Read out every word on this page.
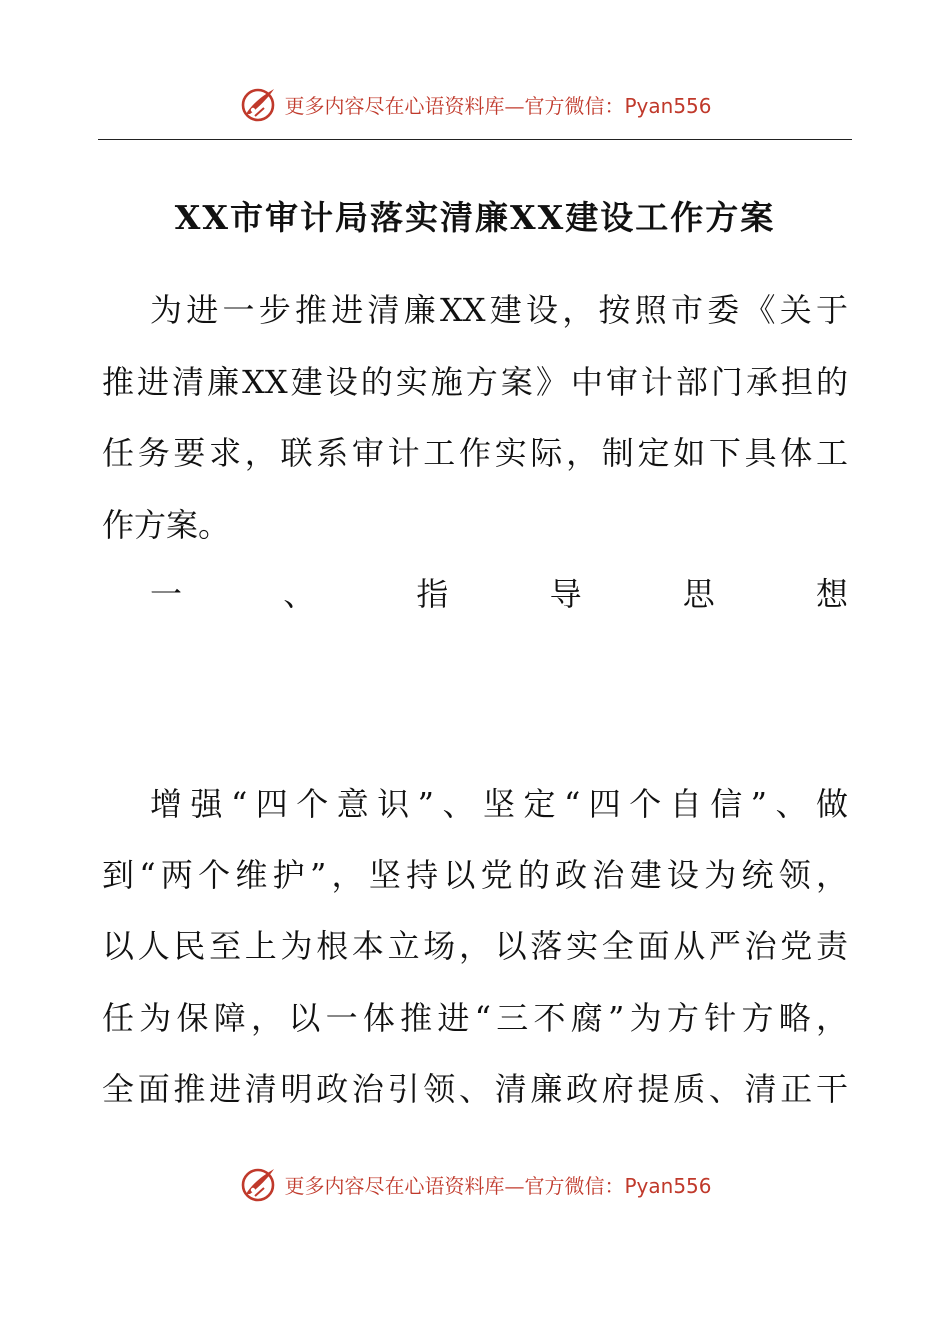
更多内容尽在心语资料库—官方微信：Pyan556
XX市审计局落实清廉XX建设工作方案
为进一步推进清廉XX建设，按照市委《关于
推进清廉XX建设的实施方案》中审计部门承担的
任务要求，联系审计工作实际，制定如下具体工
作方案。
一、指导思想
增强“四个意识”、坚定“四个自信”、做
到“两个维护”，坚持以党的政治建设为统领，
以人民至上为根本立场，以落实全面从严治党责
任为保障，以一体推进“三不腐”为方针方略，
全面推进清明政治引领、清廉政府提质、清正干
更多内容尽在心语资料库—官方微信：Pyan556
